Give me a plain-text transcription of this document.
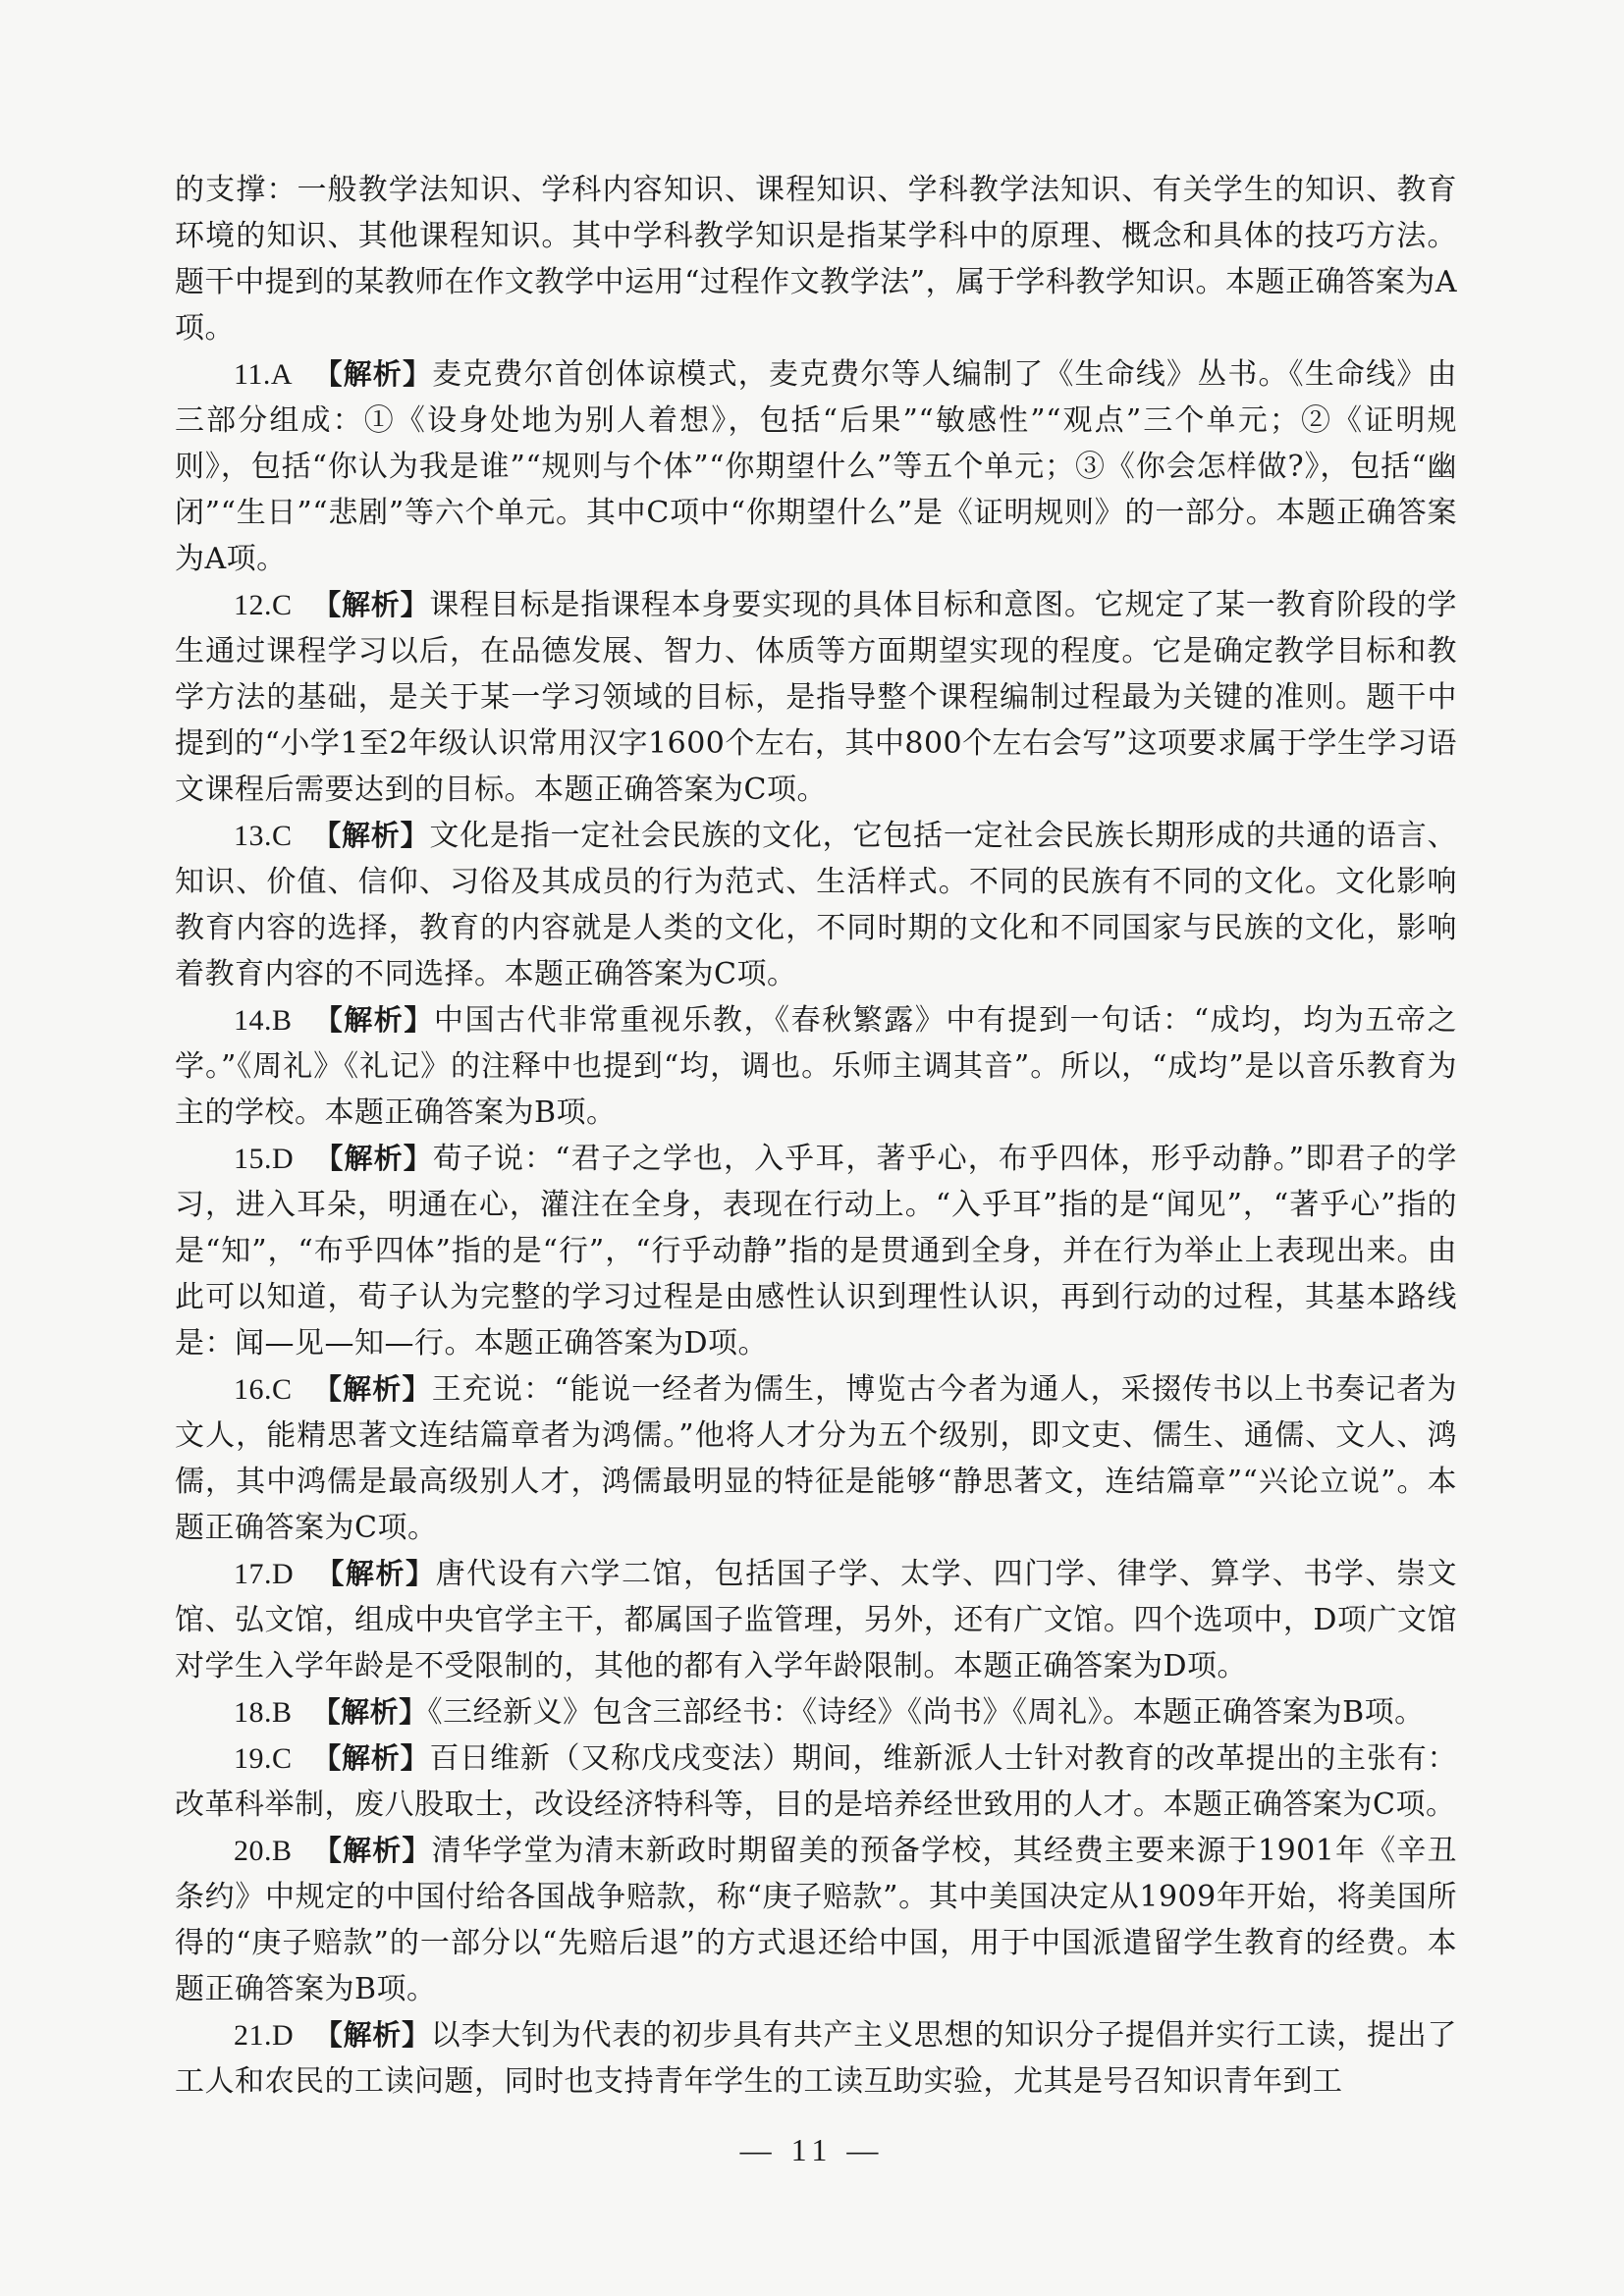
的支撑：一般教学法知识、学科内容知识、课程知识、学科教学法知识、有关学生的知识、教育环境的知识、其他课程知识。其中学科教学知识是指某学科中的原理、概念和具体的技巧方法。题干中提到的某教师在作文教学中运用“过程作文教学法”，属于学科教学知识。本题正确答案为A项。

11.A 【解析】麦克费尔首创体谅模式，麦克费尔等人编制了《生命线》丛书。《生命线》由三部分组成：①《设身处地为别人着想》，包括“后果”“敏感性”“观点”三个单元；②《证明规则》，包括“你认为我是谁”“规则与个体”“你期望什么”等五个单元；③《你会怎样做?》，包括“幽闭”“生日”“悲剧”等六个单元。其中C项中“你期望什么”是《证明规则》的一部分。本题正确答案为A项。

12.C 【解析】课程目标是指课程本身要实现的具体目标和意图。它规定了某一教育阶段的学生通过课程学习以后，在品德发展、智力、体质等方面期望实现的程度。它是确定教学目标和教学方法的基础，是关于某一学习领域的目标，是指导整个课程编制过程最为关键的准则。题干中提到的“小学1至2年级认识常用汉字1600个左右，其中800个左右会写”这项要求属于学生学习语文课程后需要达到的目标。本题正确答案为C项。

13.C 【解析】文化是指一定社会民族的文化，它包括一定社会民族长期形成的共通的语言、知识、价值、信仰、习俗及其成员的行为范式、生活样式。不同的民族有不同的文化。文化影响教育内容的选择，教育的内容就是人类的文化，不同时期的文化和不同国家与民族的文化，影响着教育内容的不同选择。本题正确答案为C项。

14.B 【解析】中国古代非常重视乐教，《春秋繁露》中有提到一句话：“成均，均为五帝之学。”《周礼》《礼记》的注释中也提到“均，调也。乐师主调其音”。所以，“成均”是以音乐教育为主的学校。本题正确答案为B项。

15.D 【解析】荀子说：“君子之学也，入乎耳，著乎心，布乎四体，形乎动静。”即君子的学习，进入耳朵，明通在心，灌注在全身，表现在行动上。“入乎耳”指的是“闻见”，“著乎心”指的是“知”，“布乎四体”指的是“行”，“行乎动静”指的是贯通到全身，并在行为举止上表现出来。由此可以知道，荀子认为完整的学习过程是由感性认识到理性认识，再到行动的过程，其基本路线是：闻—见—知—行。本题正确答案为D项。

16.C 【解析】王充说：“能说一经者为儒生，博览古今者为通人，采掇传书以上书奏记者为文人，能精思著文连结篇章者为鸿儒。”他将人才分为五个级别，即文吏、儒生、通儒、文人、鸿儒，其中鸿儒是最高级别人才，鸿儒最明显的特征是能够“静思著文，连结篇章”“兴论立说”。本题正确答案为C项。

17.D 【解析】唐代设有六学二馆，包括国子学、太学、四门学、律学、算学、书学、崇文馆、弘文馆，组成中央官学主干，都属国子监管理，另外，还有广文馆。四个选项中，D项广文馆对学生入学年龄是不受限制的，其他的都有入学年龄限制。本题正确答案为D项。

18.B 【解析】《三经新义》包含三部经书：《诗经》《尚书》《周礼》。本题正确答案为B项。

19.C 【解析】百日维新（又称戊戌变法）期间，维新派人士针对教育的改革提出的主张有：改革科举制，废八股取士，改设经济特科等，目的是培养经世致用的人才。本题正确答案为C项。

20.B 【解析】清华学堂为清末新政时期留美的预备学校，其经费主要来源于1901年《辛丑条约》中规定的中国付给各国战争赔款，称“庚子赔款”。其中美国决定从1909年开始，将美国所得的“庚子赔款”的一部分以“先赔后退”的方式退还给中国，用于中国派遣留学生教育的经费。本题正确答案为B项。

21.D 【解析】以李大钊为代表的初步具有共产主义思想的知识分子提倡并实行工读，提出了工人和农民的工读问题，同时也支持青年学生的工读互助实验，尤其是号召知识青年到工

— 11 —
